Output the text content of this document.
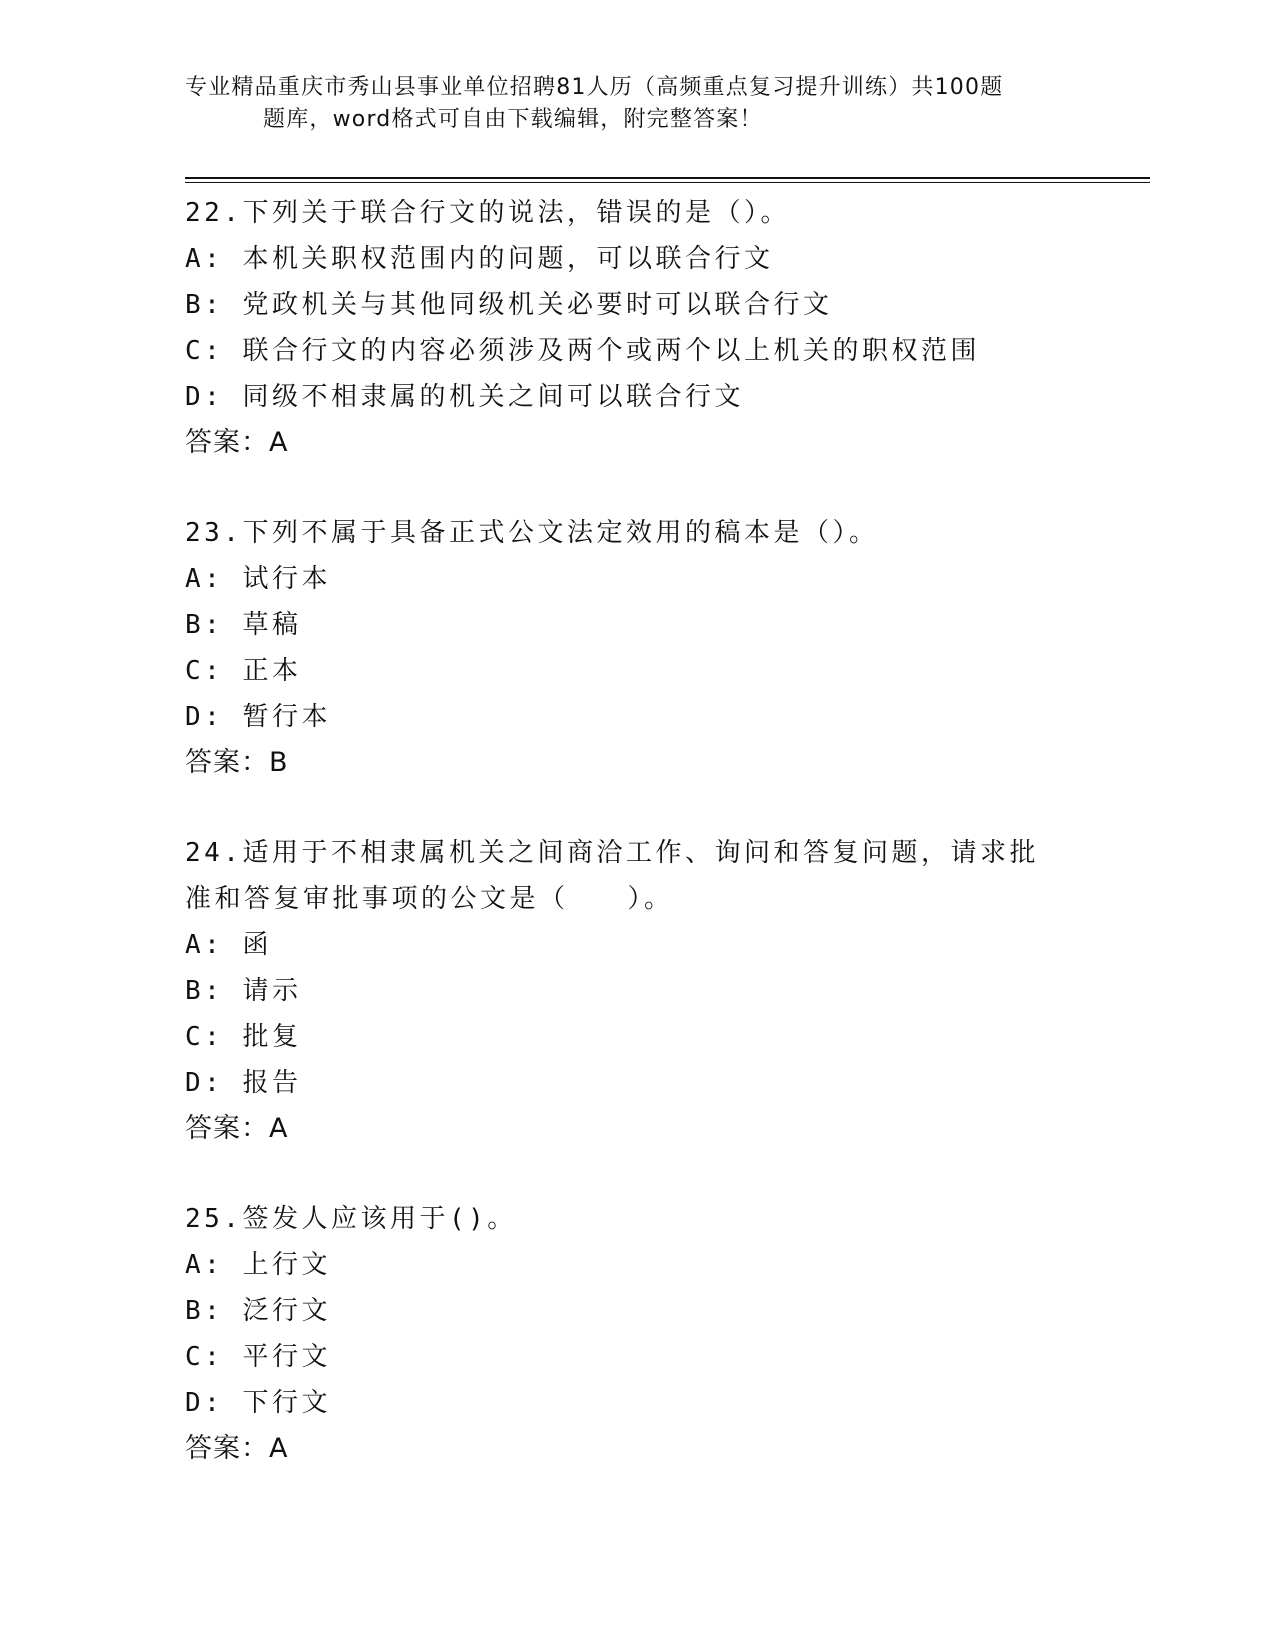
专业精品重庆市秀山县事业单位招聘81人历（高频重点复习提升训练）共100题
题库，word格式可自由下载编辑，附完整答案！
22.下列关于联合行文的说法，错误的是（）。
A: 本机关职权范围内的问题，可以联合行文
B: 党政机关与其他同级机关必要时可以联合行文
C: 联合行文的内容必须涉及两个或两个以上机关的职权范围
D: 同级不相隶属的机关之间可以联合行文
答案：A
23.下列不属于具备正式公文法定效用的稿本是（）。
A: 试行本
B: 草稿
C: 正本
D: 暂行本
答案：B
24.适用于不相隶属机关之间商洽工作、询问和答复问题，请求批准和答复审批事项的公文是（　　）。
A: 函
B: 请示
C: 批复
D: 报告
答案：A
25.签发人应该用于()。
A: 上行文
B: 泛行文
C: 平行文
D: 下行文
答案：A
